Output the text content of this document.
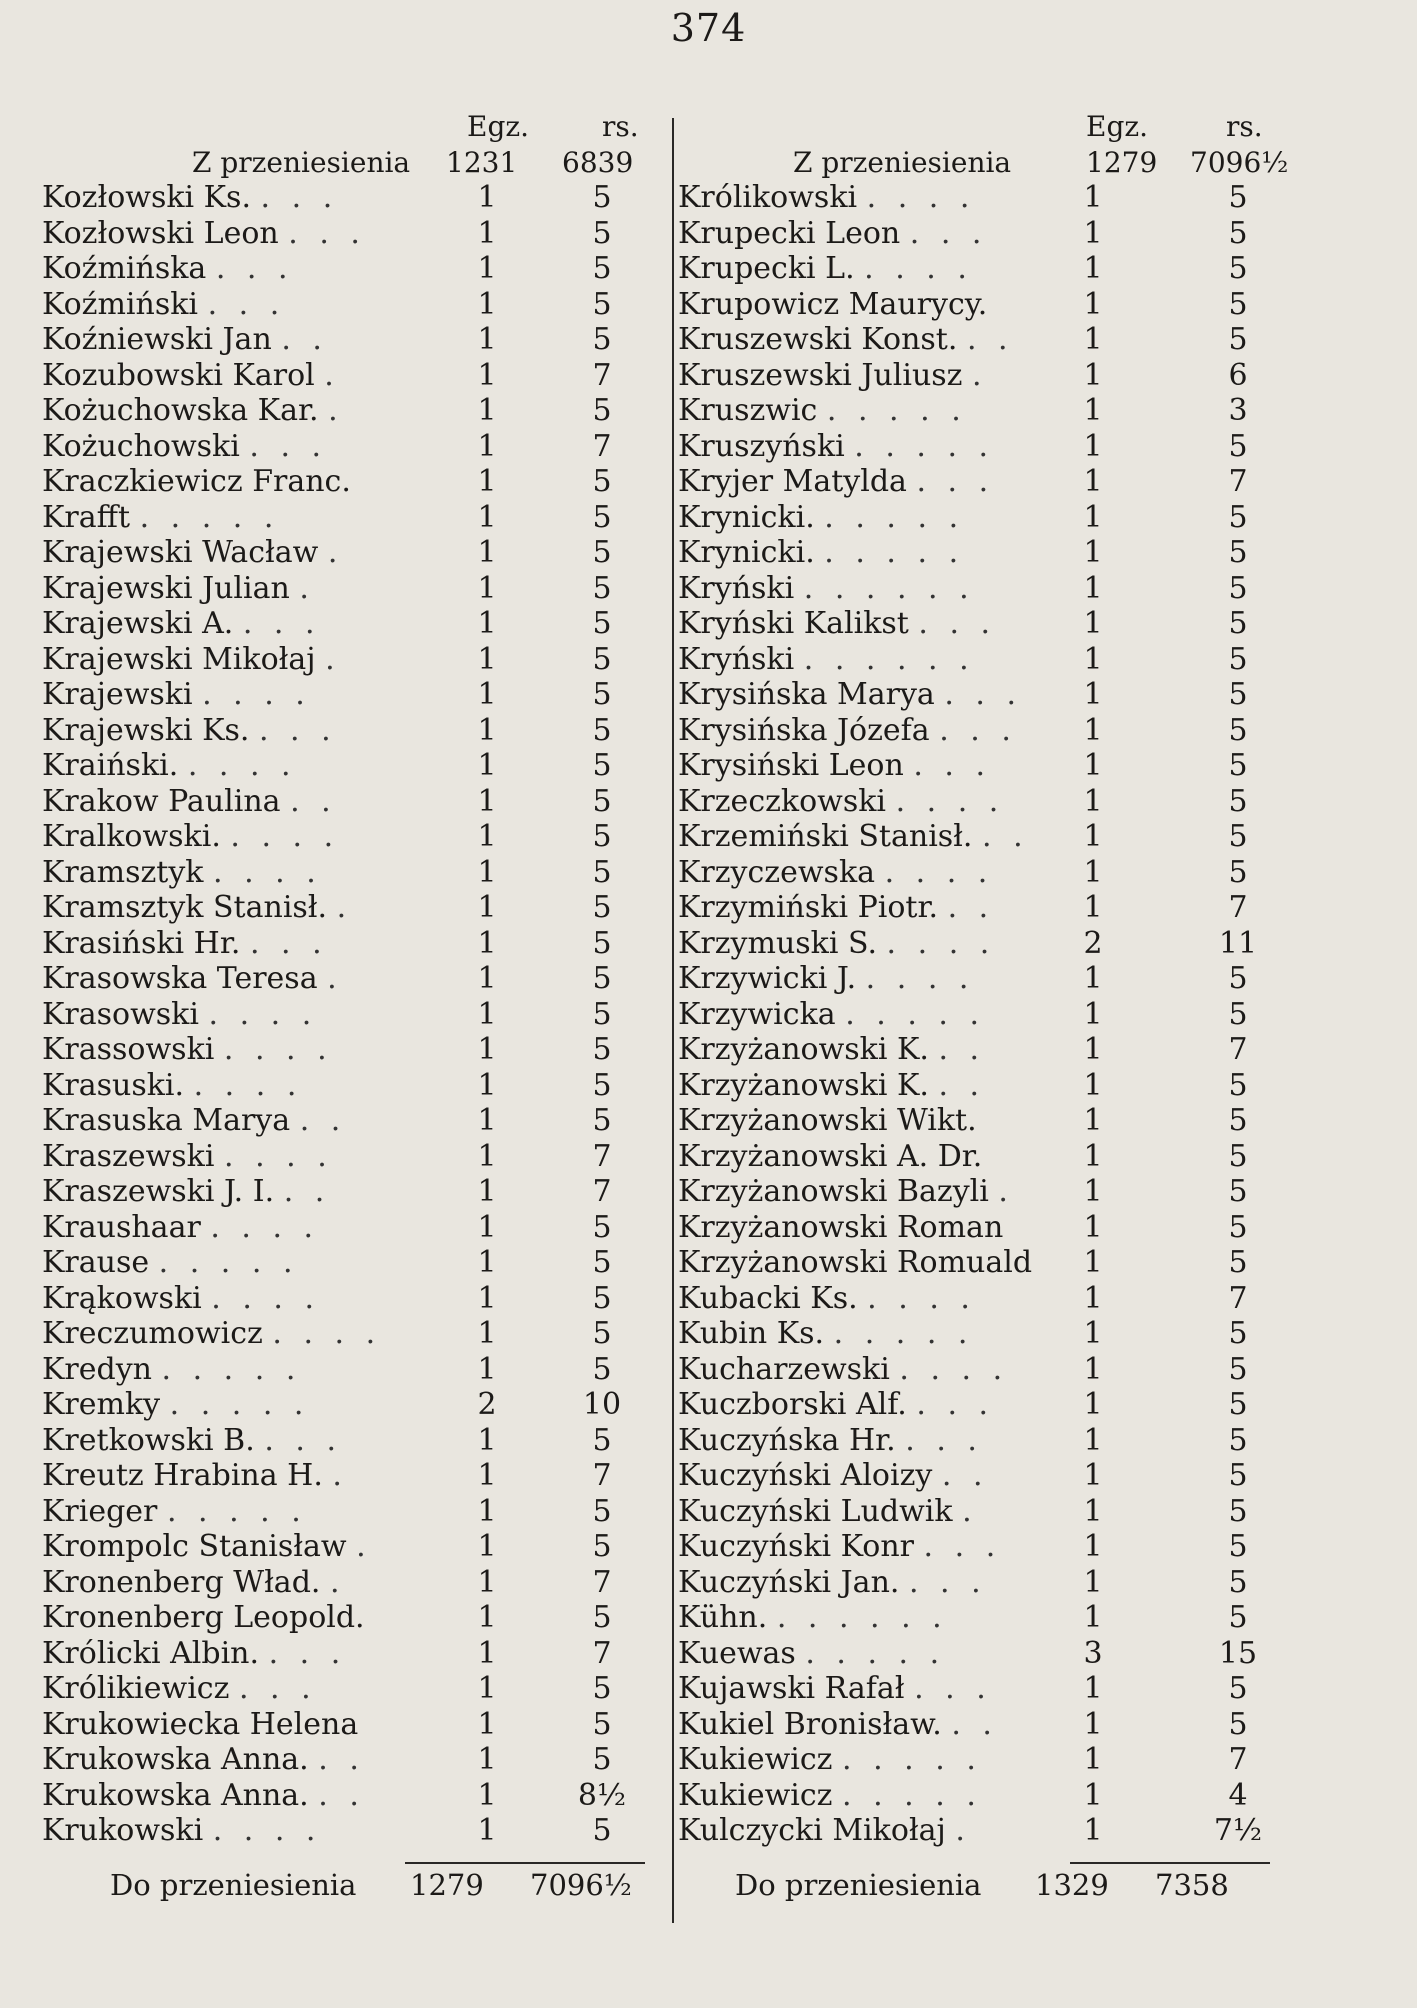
374
Egz.	rs.
Z przeniesienia 1231 6839
Kozłowski Ks. . . .	1	5
Kozłowski Leon . . .	1	5
Koźmińska . . .	1	5
Koźmiński . . .	1	5
Koźniewski Jan . .	1	5
Kozubowski Karol .	1	7
Kożuchowska Kar. .	1	5
Kożuchowski . . .	1	7
Kraczkiewicz Franc.	1	5
Krafft . . . . .	1	5
Krajewski Wacław .	1	5
Krajewski Julian .	1	5
Krajewski A. . . .	1	5
Krajewski Mikołaj .	1	5
Krajewski . . . .	1	5
Krajewski Ks. . . .	1	5
Kraiński. . . . .	1	5
Krakow Paulina . .	1	5
Kralkowski. . . . .	1	5
Kramsztyk . . . .	1	5
Kramsztyk Stanisł. .	1	5
Krasiński Hr. . . .	1	5
Krasowska Teresa .	1	5
Krasowski . . . .	1	5
Krassowski . . . .	1	5
Krasuski. . . . .	1	5
Krasuska Marya . .	1	5
Kraszewski . . . .	1	7
Kraszewski J. I. . .	1	7
Kraushaar . . . .	1	5
Krause . . . . .	1	5
Krąkowski . . . .	1	5
Kreczumowicz . . . .	1	5
Kredyn . . . . .	1	5
Kremky . . . . .	2	10
Kretkowski B. . . .	1	5
Kreutz Hrabina H. .	1	7
Krieger . . . . .	1	5
Krompolc Stanisław .	1	5
Kronenberg Wład. .	1	7
Kronenberg Leopold.	1	5
Królicki Albin. . . .	1	7
Królikiewicz . . .	1	5
Krukowiecka Helena	1	5
Krukowska Anna. . .	1	5
Krukowska Anna. . .	1	8½
Krukowski . . . .	1	5
Egz.	rs.
Z przeniesienia	1279 7096½
Królikowski . . . .	1	5
Krupecki Leon . . .	1	5
Krupecki L. . . . .	1	5
Krupowicz Maurycy.	1	5
Kruszewski Konst. . . 1	5
Kruszewski Juliusz .	1	6
Kruszwic . . . . .	1	3
Kruszyński . . . . .	1	5
Kryjer Matylda . . .	1	7
Krynicki. . . . . .	1	5
Krynicki. . . . . .	1	5
Kryński . . . . . .	1	5
Kryński Kalikst . . .	1	5
Kryński . . . . . .	1	5
Krysińska Marya . . . 1	5
Krysińska Józefa . . . 1	5
Krysiński Leon . . .	1	5
Krzeczkowski . . . .	1	5
Krzemiński Stanisł. . . 1	5
Krzyczewska . . . .	1	5
Krzymiński Piotr. . .	1	7
Krzymuski S. . . . .	2	11
Krzywicki J. . . . .	1	5
Krzywicka . . . . .	1	5
Krzyżanowski K. . .	1	7
Krzyżanowski K. . .	1	5
Krzyżanowski Wikt.	1	5
Krzyżanowski A. Dr.	1	5
Krzyżanowski Bazyli . 1	5
Krzyżanowski Roman	1	5
Krzyżanowski Romuald 1	5
Kubacki Ks. . . . .	1	7
Kubin Ks. . . . . .	1	5
Kucharzewski . . . .	1	5
Kuczborski Alf. . . .	1	5
Kuczyńska Hr. . . .	1	5
Kuczyński Aloizy . .	1	5
Kuczyński Ludwik .	1	5
Kuczyński Konr . . .	1	5
Kuczyński Jan. . . .	1	5
Kühn. . . . . . .	1	5
Kuewas . . . . .	3	15
Kujawski Rafał . . .	1	5
Kukiel Bronisław. . .	1	5
Kukiewicz . . . . .	1	7
Kukiewicz . . . . .	1	4
Kulczycki Mikołaj .	1	7½
Do przeniesienia 1279 7096½	Do przeniesienia 1329 7358
